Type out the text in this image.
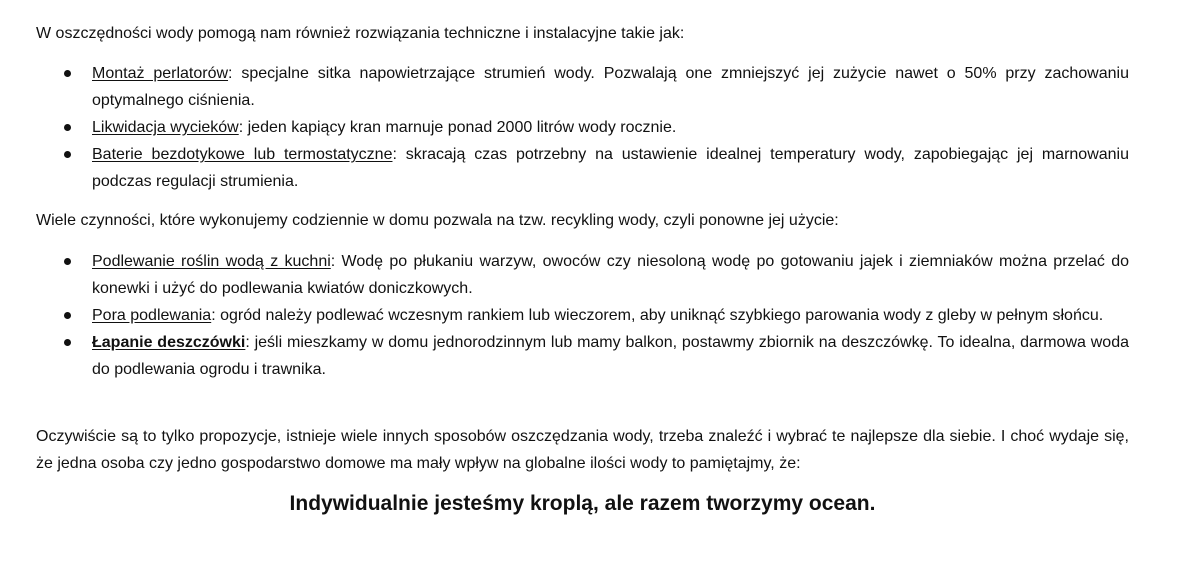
W oszczędności wody pomogą nam również rozwiązania techniczne i instalacyjne takie jak:

Montaż perlatorów: specjalne sitka napowietrzające strumień wody. Pozwalają one zmniejszyć jej zużycie nawet o 50% przy zachowaniu optymalnego ciśnienia.
Likwidacja wycieków: jeden kapiący kran marnuje ponad 2000 litrów wody rocznie.
Baterie bezdotykowe lub termostatyczne: skracają czas potrzebny na ustawienie idealnej temperatury wody, zapobiegając jej marnowaniu podczas regulacji strumienia.

Wiele czynności, które wykonujemy codziennie w domu pozwala na tzw. recykling wody, czyli ponowne jej użycie:

Podlewanie roślin wodą z kuchni: Wodę po płukaniu warzyw, owoców czy niesoloną wodę po gotowaniu jajek i ziemniaków można przelać do konewki i użyć do podlewania kwiatów doniczkowych.
Pora podlewania: ogród należy podlewać wczesnym rankiem lub wieczorem, aby uniknąć szybkiego parowania wody z gleby w pełnym słońcu.
Łapanie deszczówki: jeśli mieszkamy w domu jednorodzinnym lub mamy balkon, postawmy zbiornik na deszczówkę. To idealna, darmowa woda do podlewania ogrodu i trawnika.

Oczywiście są to tylko propozycje, istnieje wiele innych sposobów oszczędzania wody, trzeba znaleźć i wybrać te najlepsze dla siebie. I choć wydaje się, że jedna osoba czy jedno gospodarstwo domowe ma mały wpływ na globalne ilości wody to pamiętajmy, że:

Indywidualnie jesteśmy kroplą, ale razem tworzymy ocean.
